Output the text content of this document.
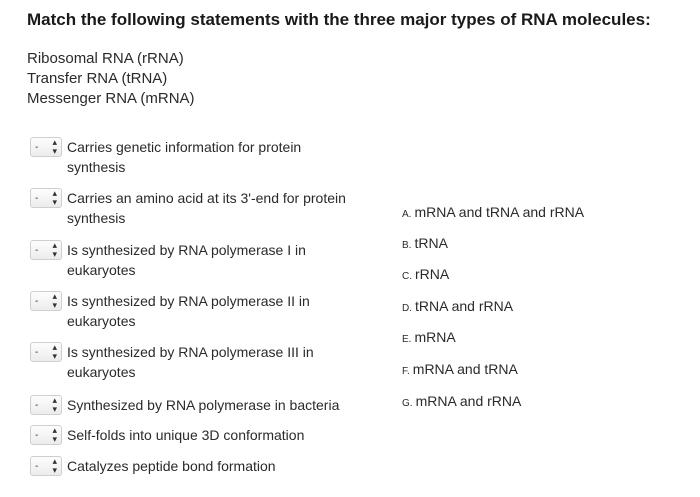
Match the following statements with the three major types of RNA molecules:
Ribosomal RNA (rRNA)
Transfer RNA (tRNA)
Messenger RNA (mRNA)
- ▴
▾ Carries genetic information for protein synthesis
- ▴
▾ Carries an amino acid at its 3'-end for protein synthesis
- ▴
▾ Is synthesized by RNA polymerase I in eukaryotes
- ▴
▾ Is synthesized by RNA polymerase II in eukaryotes
- ▴
▾ Is synthesized by RNA polymerase III in eukaryotes
- ▴
▾ Synthesized by RNA polymerase in bacteria
- ▴
▾ Self-folds into unique 3D conformation
- ▴
▾ Catalyzes peptide bond formation
A. mRNA and tRNA and rRNA
B. tRNA
C. rRNA
D. tRNA and rRNA
E. mRNA
F. mRNA and tRNA
G. mRNA and rRNA
